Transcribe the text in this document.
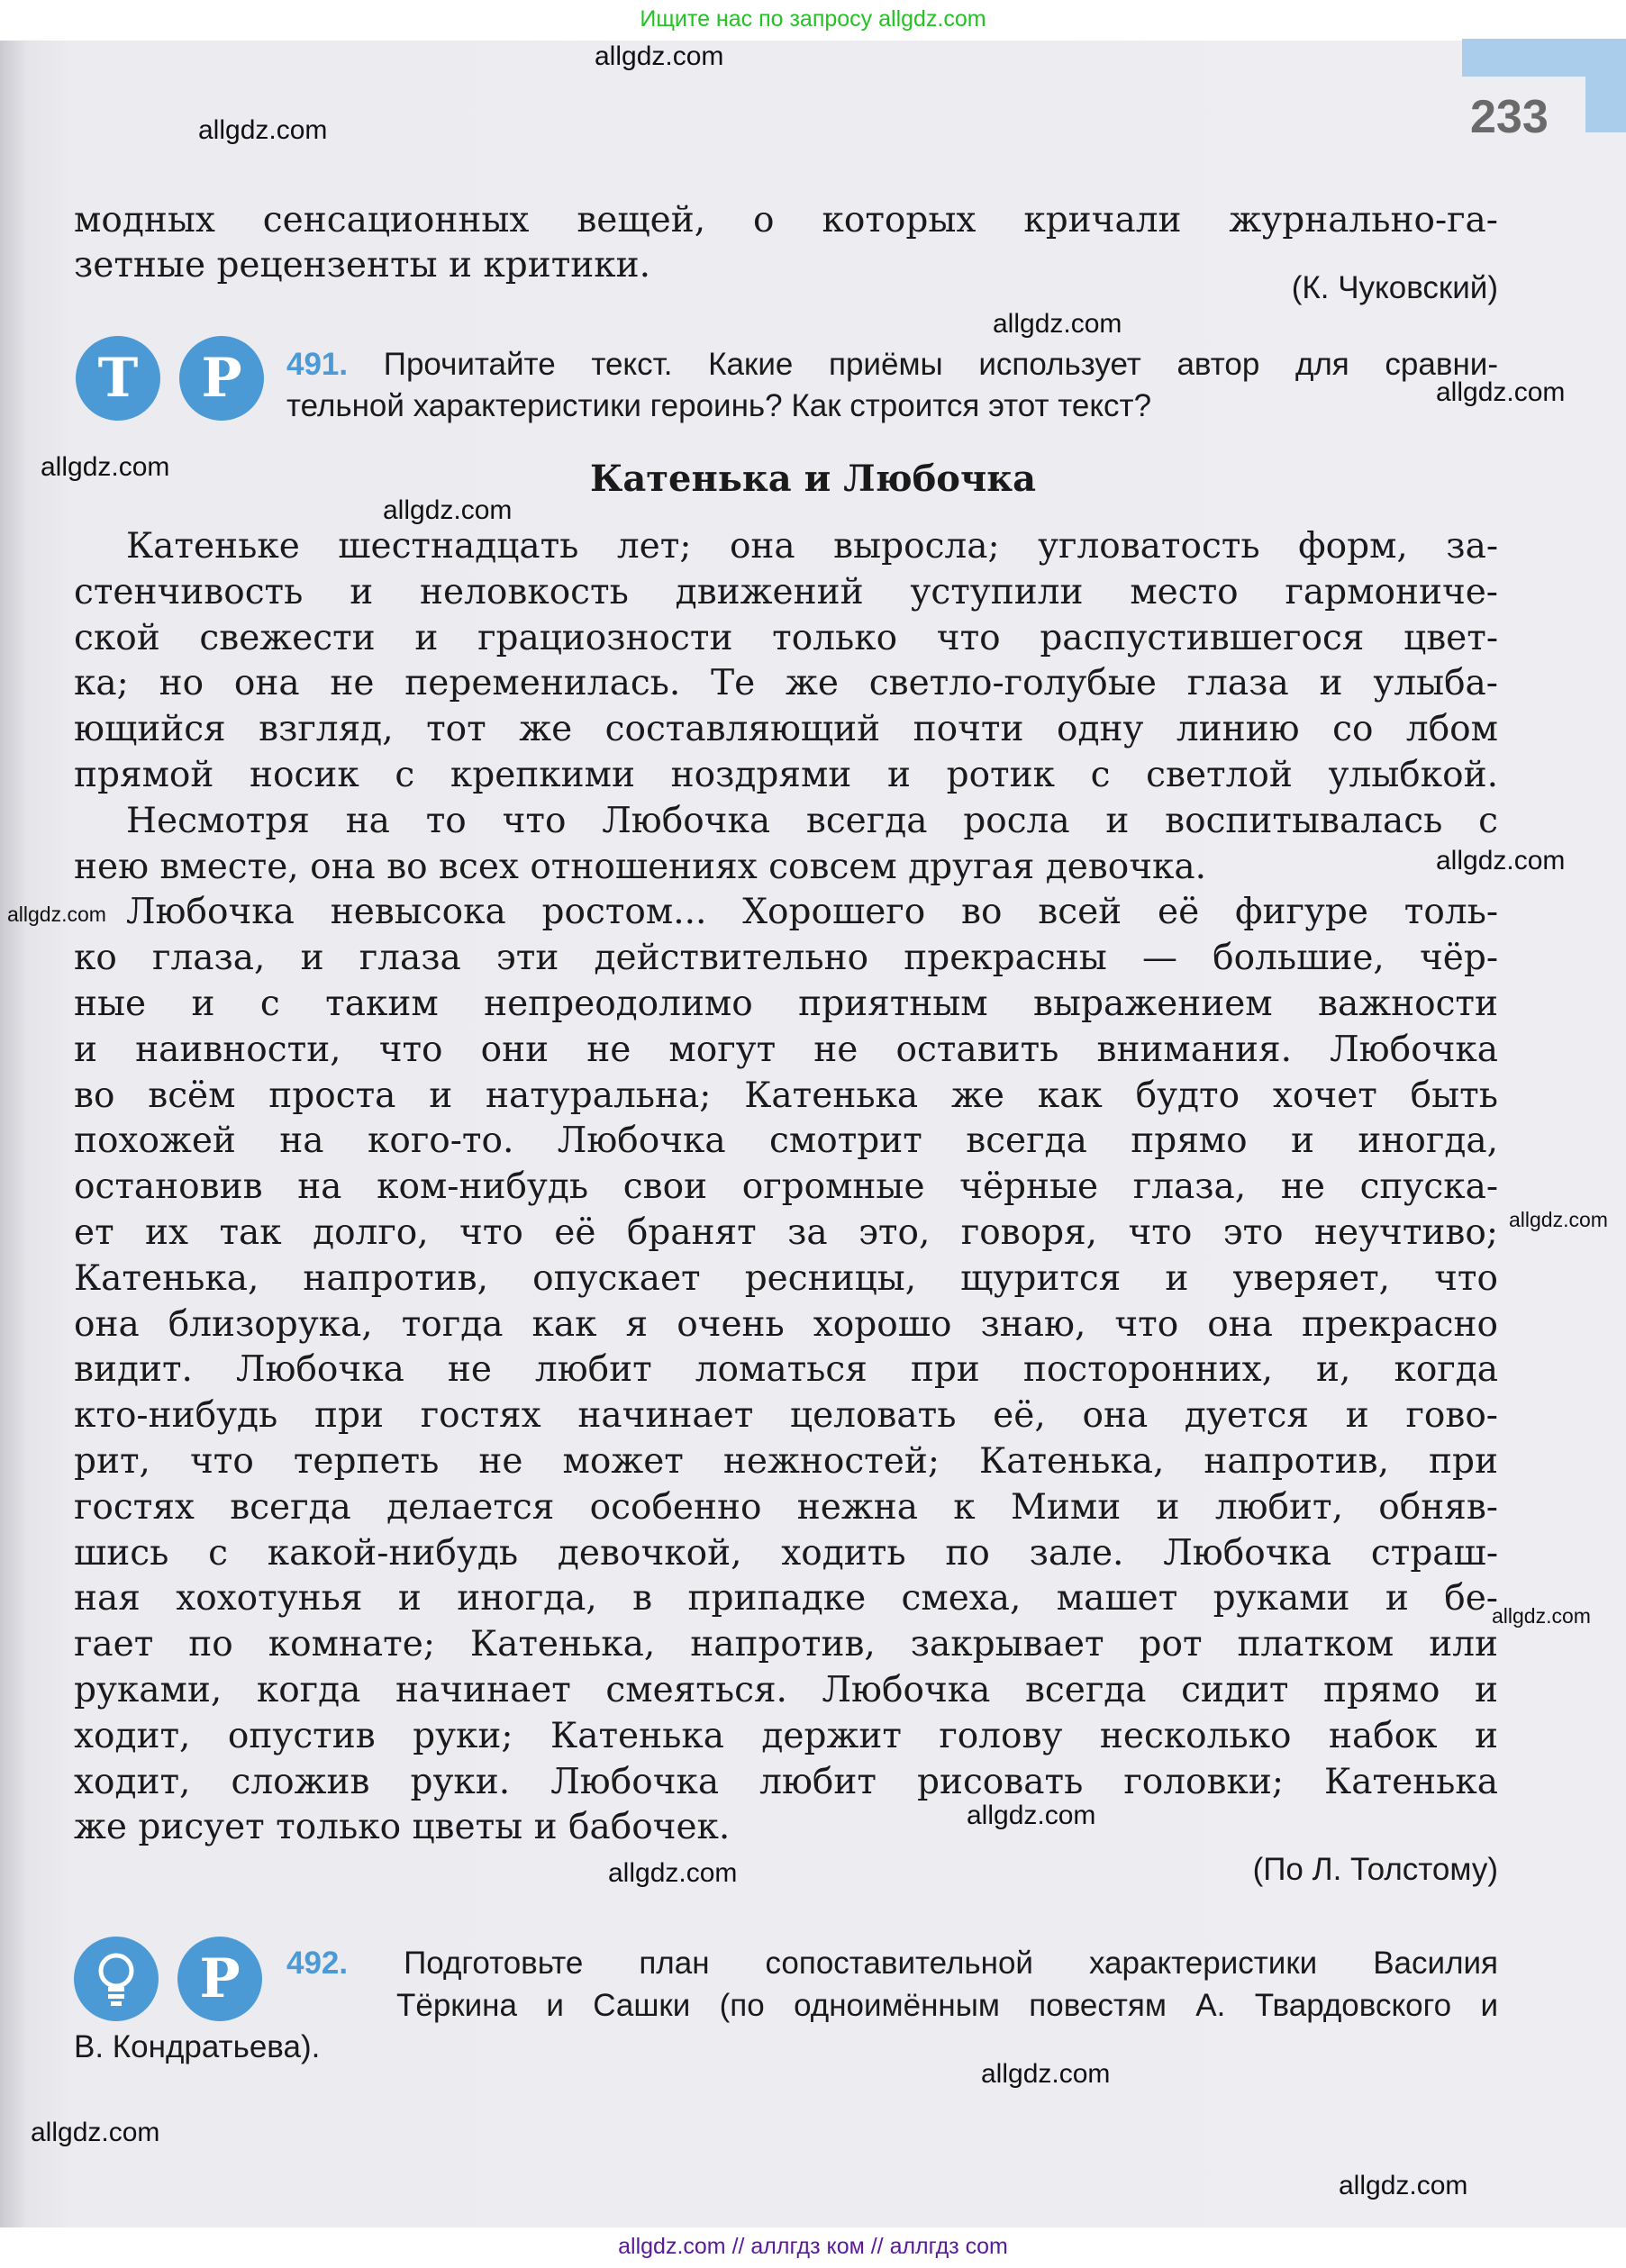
Ищите нас по запросу allgdz.com
233
модных сенсационных вещей, о которых кричали журнально-га-
зетные рецензенты и критики.
(К. Чуковский)
Т	Р	491. Прочитайте текст. Какие приёмы использует автор для сравни-
тельной характеристики героинь? Как строится этот текст?
Катенька и Любочка
Катеньке шестнадцать лет; она выросла; угловатость форм, за-
стенчивость и неловкость движений уступили место гармониче-
ской свежести и грациозности только что распустившегося цвет-
ка; но она не переменилась. Те же светло-голубые глаза и улыба-
ющийся взгляд, тот же составляющий почти одну линию со лбом
прямой носик с крепкими ноздрями и ротик с светлой улыбкой.
Несмотря на то что Любочка всегда росла и воспитывалась с
нею вместе, она во всех отношениях совсем другая девочка.
Любочка невысока ростом... Хорошего во всей её фигуре толь-
ко глаза, и глаза эти действительно прекрасны — большие, чёр-
ные и с таким непреодолимо приятным выражением важности
и наивности, что они не могут не оставить внимания. Любочка
во всём проста и натуральна; Катенька же как будто хочет быть
похожей на кого-то. Любочка смотрит всегда прямо и иногда,
остановив на ком-нибудь свои огромные чёрные глаза, не спуска-
ет их так долго, что её бранят за это, говоря, что это неучтиво;
Катенька, напротив, опускает ресницы, щурится и уверяет, что
она близорука, тогда как я очень хорошо знаю, что она прекрасно
видит. Любочка не любит ломаться при посторонних, и, когда
кто-нибудь при гостях начинает целовать её, она дуется и гово-
рит, что терпеть не может нежностей; Катенька, напротив, при
гостях всегда делается особенно нежна к Мими и любит, обняв-
шись с какой-нибудь девочкой, ходить по зале. Любочка страш-
ная хохотунья и иногда, в припадке смеха, машет руками и бе-
гает по комнате; Катенька, напротив, закрывает рот платком или
руками, когда начинает смеяться. Любочка всегда сидит прямо и
ходит, опустив руки; Катенька держит голову несколько набок и
ходит, сложив руки. Любочка любит рисовать головки; Катенька
же рисует только цветы и бабочек.
(По Л. Толстому)
Р	492. Подготовьте план сопоставительной характеристики Василия
Тёркина и Сашки (по одноимённым повестям А. Твардовского и
В. Кондратьева).
allgdz.com
allgdz.com
allgdz.com
allgdz.com
allgdz.com
allgdz.com
allgdz.com
allgdz.com
allgdz.com
allgdz.com
allgdz.com
allgdz.com
allgdz.com
allgdz.com
allgdz.com
allgdz.com // аллгдз ком // аллгдз com
